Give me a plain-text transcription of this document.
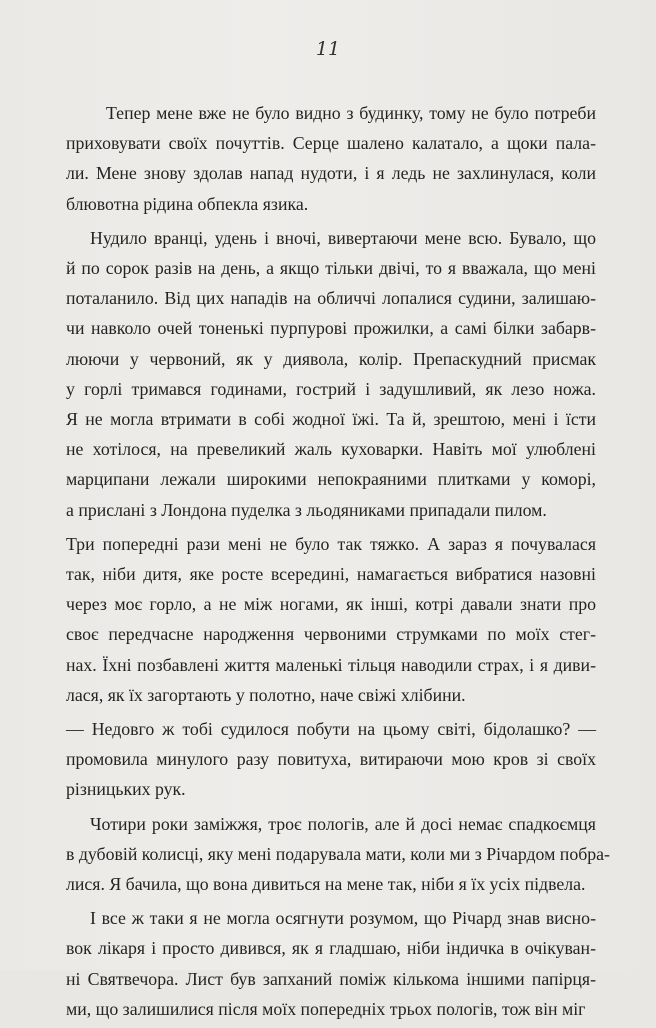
11
Тепер мене вже не було видно з будинку, тому не було потреби
приховувати своїх почуттів. Серце шалено калатало, а щоки пала-
ли. Мене знову здолав напад нудоти, і я ледь не захлинулася, коли
блювотна рідина обпекла язика.
Нудило вранці, удень і вночі, вивертаючи мене всю. Бувало, що
й по сорок разів на день, а якщо тільки двічі, то я вважала, що мені
поталанило. Від цих нападів на обличчі лопалися судини, залишаю-
чи навколо очей тоненькі пурпурові прожилки, а самі білки забарв-
люючи у червоний, як у диявола, колір. Препаскудний присмак
у горлі тримався годинами, гострий і задушливий, як лезо ножа.
Я не могла втримати в собі жодної їжі. Та й, зрештою, мені і їсти
не хотілося, на превеликий жаль куховарки. Навіть мої улюблені
марципани лежали широкими непокраяними плитками у коморі,
а прислані з Лондона пуделка з льодяниками припадали пилом.
Три попередні рази мені не було так тяжко. А зараз я почувалася
так, ніби дитя, яке росте всередині, намагається вибратися назовні
через моє горло, а не між ногами, як інші, котрі давали знати про
своє передчасне народження червоними струмками по моїх стег-
нах. Їхні позбавлені життя маленькі тільця наводили страх, і я диви-
лася, як їх загортають у полотно, наче свіжі хлібини.
— Недовго ж тобі судилося побути на цьому світі, бідолашко? —
промовила минулого разу повитуха, витираючи мою кров зі своїх
різницьких рук.
Чотири роки заміжжя, троє пологів, але й досі немає спадкоємця
в дубовій колисці, яку мені подарувала мати, коли ми з Річардом побра-
лися. Я бачила, що вона дивиться на мене так, ніби я їх усіх підвела.
І все ж таки я не могла осягнути розумом, що Річард знав висно-
вок лікаря і просто дивився, як я гладшаю, ніби індичка в очікуван-
ні Святвечора. Лист був запханий поміж кількома іншими папірця-
ми, що залишилися після моїх попередніх трьох пологів, тож він міг
